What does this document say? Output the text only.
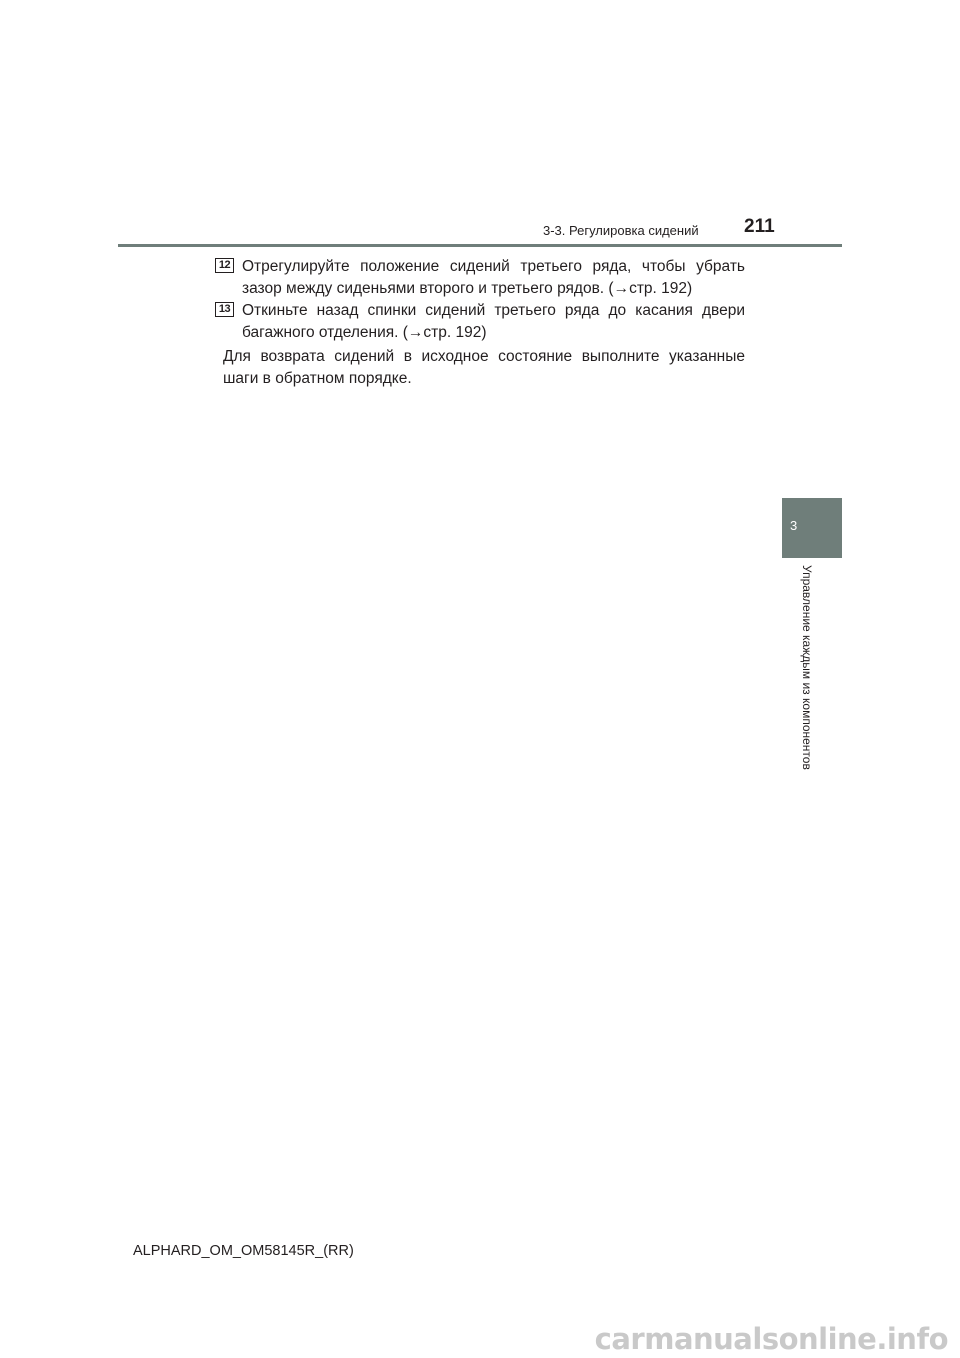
3-3. Регулировка сидений 211
12 Отрегулируйте положение сидений третьего ряда, чтобы убрать зазор между сиденьями второго и третьего рядов. (→стр. 192)
13 Откиньте назад спинки сидений третьего ряда до касания двери багажного отделения. (→стр. 192)
Для возврата сидений в исходное состояние выполните указанные шаги в обратном порядке.
3
Управление каждым из компонентов
ALPHARD_OM_OM58145R_(RR)
carmanualsonline.info
